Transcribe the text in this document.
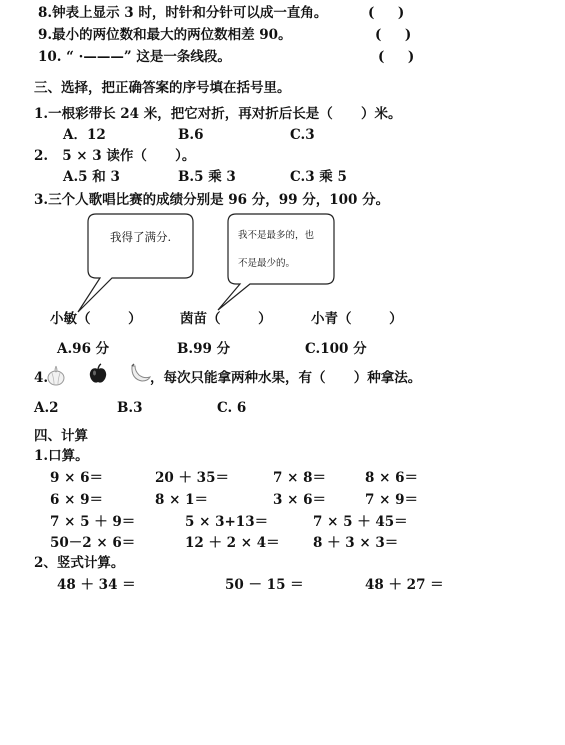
8.钟表上显示 3 时，时针和分针可以成一直角。	(     )
9.最小的两位数和最大的两位数相差 90。	(     )
10. “ ·———” 这是一条线段。	(     )
三、选择，把正确答案的序号填在括号里。
1.一根彩带长 24 米，把它对折，再对折后长是（      ）米。
A．12	B.6	C.3
2.   5 × 3 读作（      ）。
A.5 和 3	B.5 乘 3	C.3 乘 5
3.三个人歌唱比赛的成绩分别是 96 分，99 分，100 分。
我得了满分.	我不是最多的，也
不是最少的。
小敏（        ）	茵苗（        ）	小青（        ）
A.96 分	B.99 分	C.100 分
4.	，每次只能拿两种水果，有（      ）种拿法。
A.2	B.3	C. 6
四、计算
1.口算。
9 × 6＝	20 ＋ 35＝	7 × 8＝	8 × 6＝
6 × 9＝	8 × 1＝	3 × 6＝	7 × 9＝
7 × 5 ＋ 9＝	5 × 3+13＝	7 × 5 ＋ 45＝
50－2 × 6＝	12 ＋ 2 × 4＝ 8 ＋ 3 × 3＝
2、竖式计算。
48 ＋ 34 ＝	50 － 15 ＝	48 ＋ 27 ＝
